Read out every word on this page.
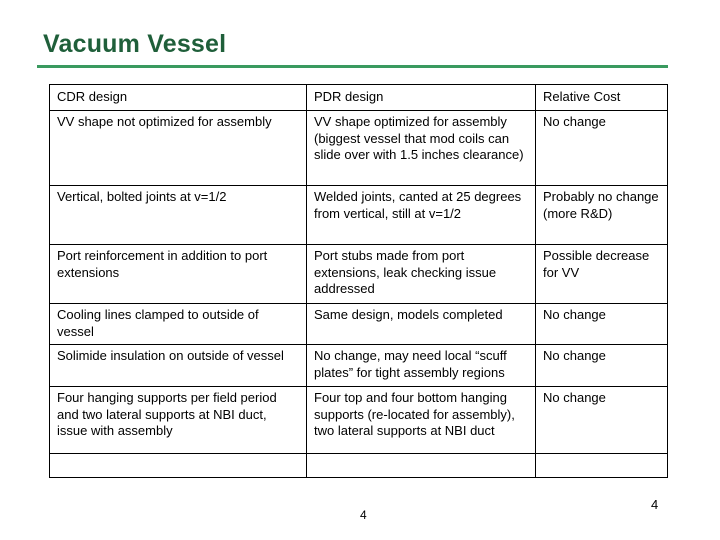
Vacuum Vessel
CDR design	PDR design	Relative Cost
VV shape not optimized for assembly	VV shape optimized for assembly (biggest vessel that mod coils can slide over with 1.5 inches clearance)	No change
Vertical, bolted joints at v=1/2	Welded joints, canted at 25 degrees from vertical, still at v=1/2	Probably no change (more R&D)
Port reinforcement in addition to port extensions	Port stubs made from port extensions, leak checking issue addressed	Possible decrease for VV
Cooling lines clamped to outside of vessel	Same design, models completed	No change
Solimide insulation on outside of vessel	No change, may need local “scuff plates” for tight assembly regions	No change
Four hanging supports per field period and two lateral supports at NBI duct, issue with assembly	Four top and four bottom hanging supports (re-located for assembly), two lateral supports at NBI duct	No change

4
4
